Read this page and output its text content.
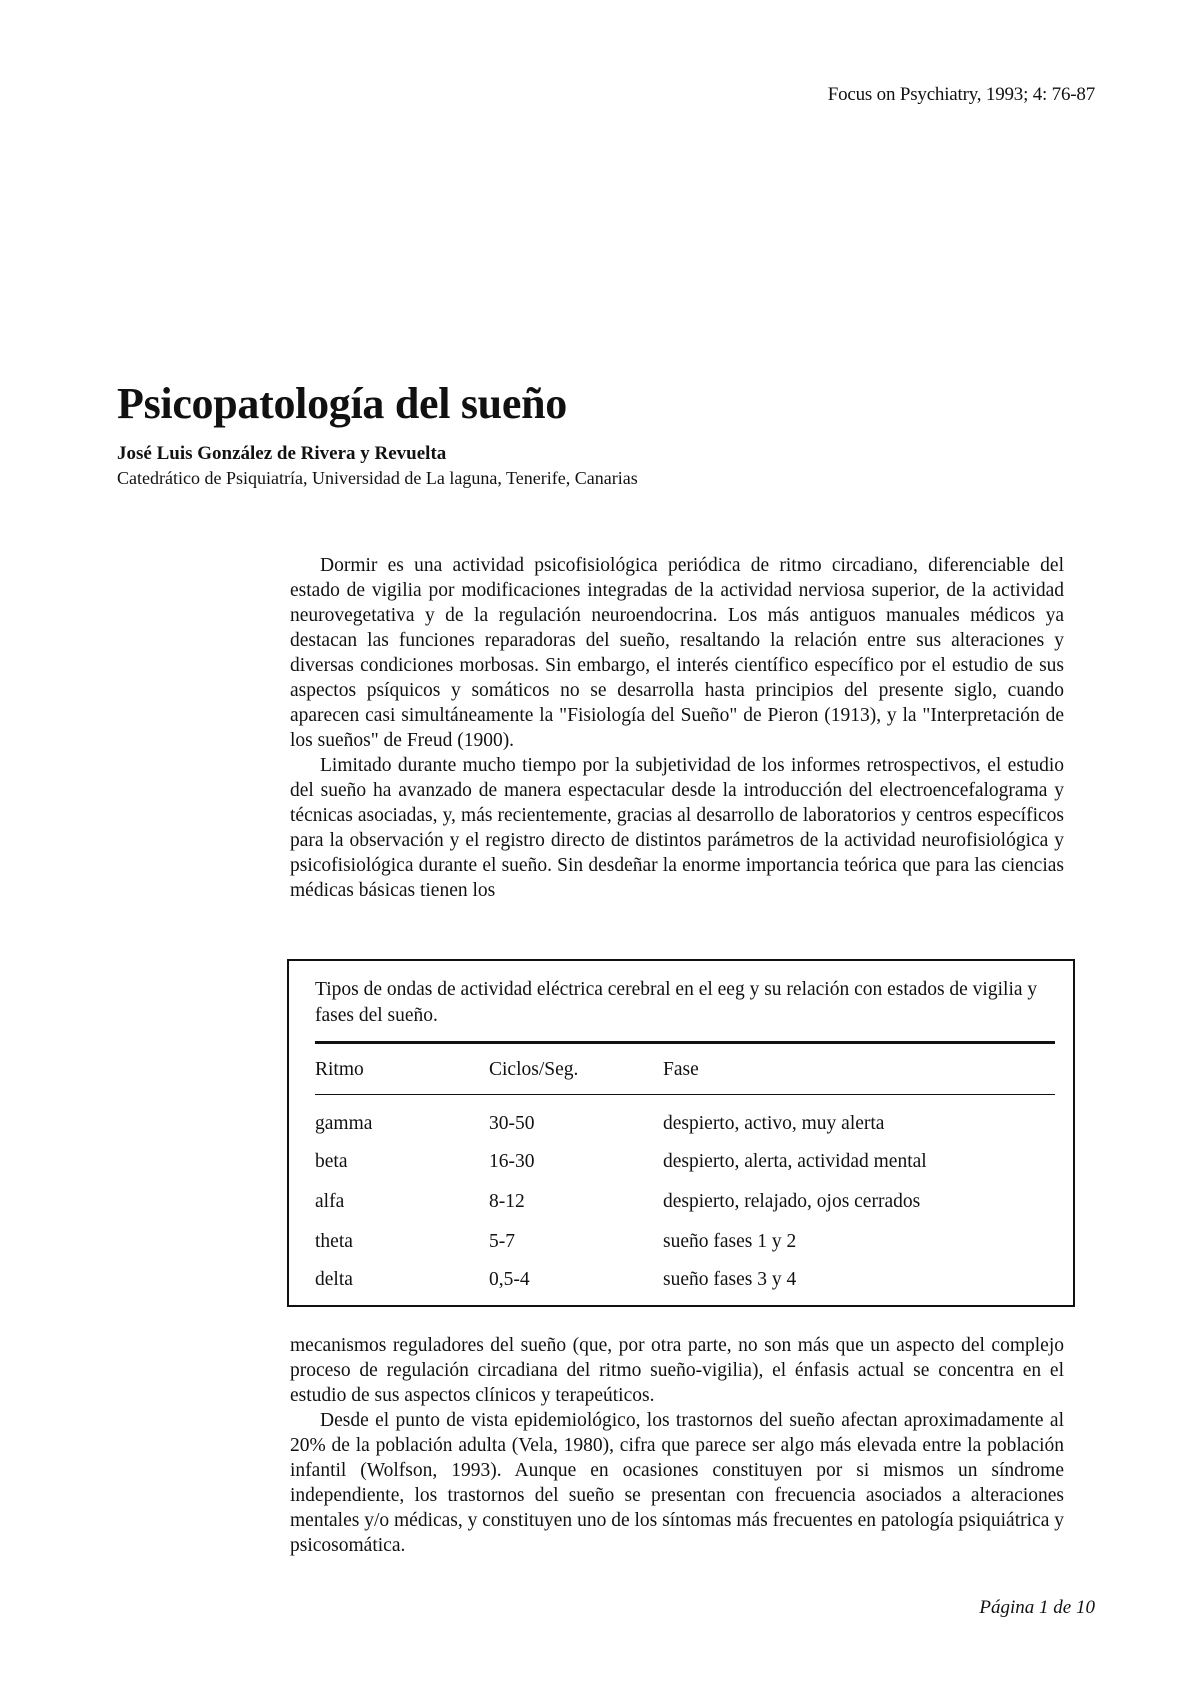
Focus on Psychiatry, 1993; 4: 76-87
Psicopatología del sueño
José Luis González de Rivera y Revuelta
Catedrático de Psiquiatría, Universidad de La laguna, Tenerife, Canarias

Dormir es una actividad psicofisiológica periódica de ritmo circadiano, diferenciable del estado de vigilia por modificaciones integradas de la actividad nerviosa superior, de la actividad neurovegetativa y de la regulación neuroendocrina. Los más antiguos manuales médicos ya destacan las funciones reparadoras del sueño, resaltando la relación entre sus alteraciones y diversas condiciones morbosas. Sin embargo, el interés científico específico por el estudio de sus aspectos psíquicos y somáticos no se desarrolla hasta principios del presente siglo, cuando aparecen casi simultáneamente la "Fisiología del Sueño" de Pieron (1913), y la "Interpretación de los sueños" de Freud (1900).

Limitado durante mucho tiempo por la subjetividad de los informes retrospectivos, el estudio del sueño ha avanzado de manera espectacular desde la introducción del electroencefalograma y técnicas asociadas, y, más recientemente, gracias al desarrollo de laboratorios y centros específicos para la observación y el registro directo de distintos parámetros de la actividad neurofisiológica y psicofisiológica durante el sueño. Sin desdeñar la enorme importancia teórica que para las ciencias médicas básicas tienen los

Tipos de ondas de actividad eléctrica cerebral en el eeg y su relación con estados de vigilia y fases del sueño.
Ritmo	Ciclos/Seg.	Fase
gamma	30-50	despierto, activo, muy alerta
beta	16-30	despierto, alerta, actividad mental
alfa	8-12	despierto, relajado, ojos cerrados
theta	5-7	sueño fases 1 y 2
delta	0,5-4	sueño fases 3 y 4

mecanismos reguladores del sueño (que, por otra parte, no son más que un aspecto del complejo proceso de regulación circadiana del ritmo sueño-vigilia), el énfasis actual se concentra en el estudio de sus aspectos clínicos y terapeúticos.

Desde el punto de vista epidemiológico, los trastornos del sueño afectan aproximadamente al 20% de la población adulta (Vela, 1980), cifra que parece ser algo más elevada entre la población infantil (Wolfson, 1993). Aunque en ocasiones constituyen por si mismos un síndrome independiente, los trastornos del sueño se presentan con frecuencia asociados a alteraciones mentales y/o médicas, y constituyen uno de los síntomas más frecuentes en patología psiquiátrica y psicosomática.

Página 1 de 10
